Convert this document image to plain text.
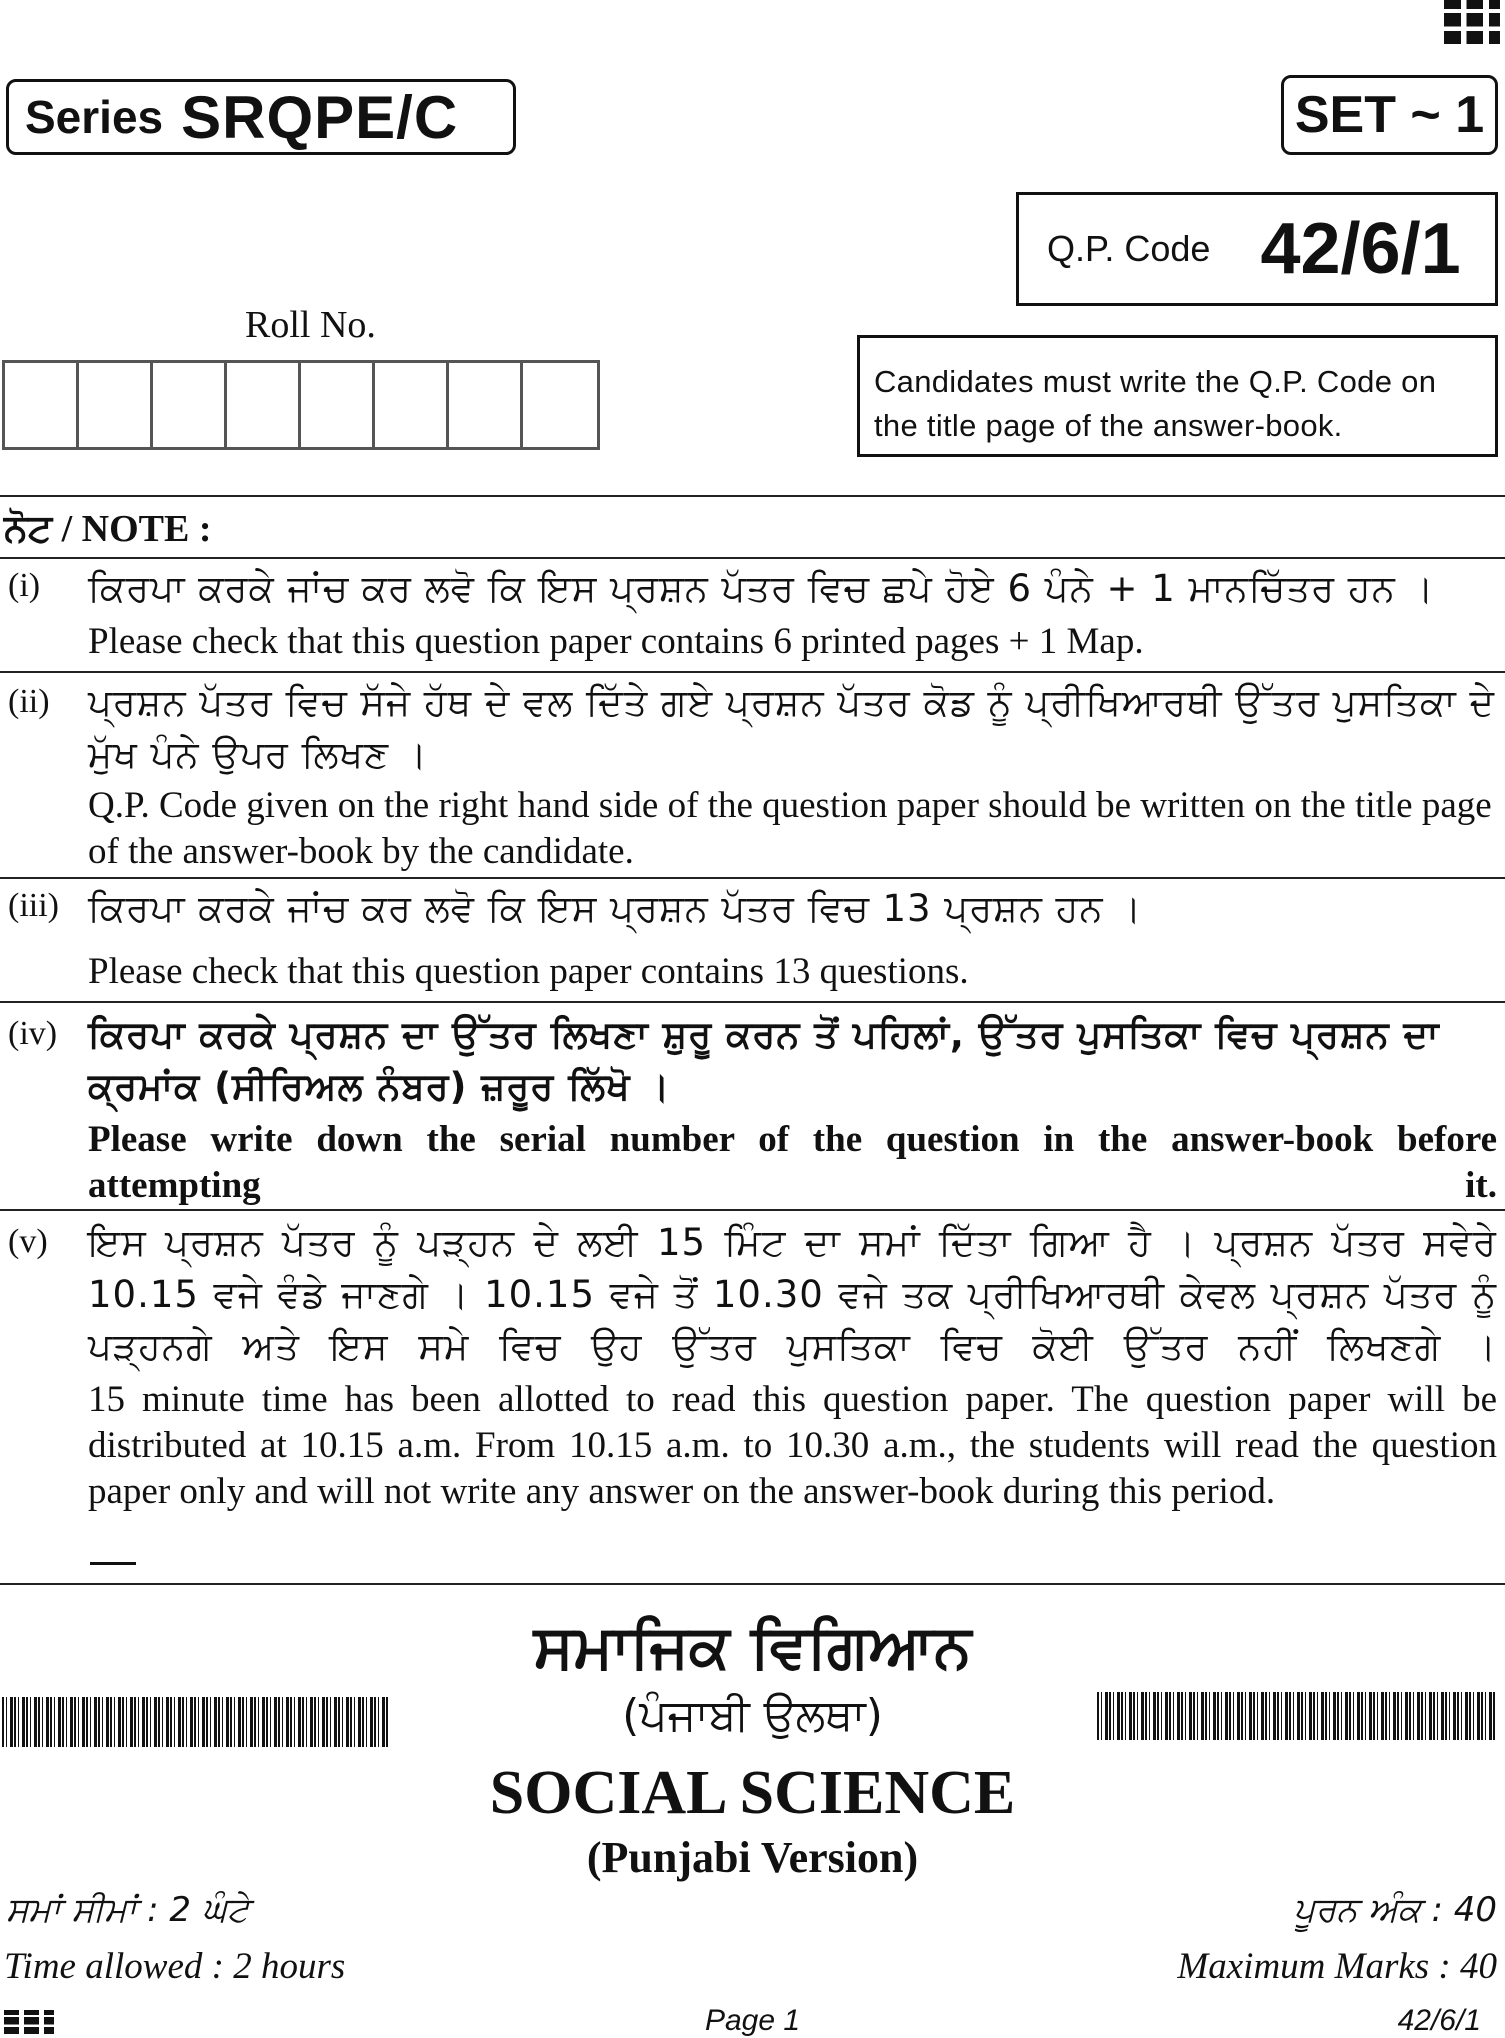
Series SRQPE/C	SET ~ 1
Q.P. Code 42/6/1
Candidates must write the Q.P. Code on the title page of the answer-book.
Roll No.
ਨੋਟ / NOTE :
(i) ਕਿਰਪਾ ਕਰਕੇ ਜਾਂਚ ਕਰ ਲਵੋ ਕਿ ਇਸ ਪ੍ਰਸ਼ਨ ਪੱਤਰ ਵਿਚ ਛਪੇ ਹੋਏ 6 ਪੰਨੇ + 1 ਮਾਨਚਿੱਤਰ ਹਨ ।
Please check that this question paper contains 6 printed pages + 1 Map.
(ii) ਪ੍ਰਸ਼ਨ ਪੱਤਰ ਵਿਚ ਸੱਜੇ ਹੱਥ ਦੇ ਵਲ ਦਿੱਤੇ ਗਏ ਪ੍ਰਸ਼ਨ ਪੱਤਰ ਕੋਡ ਨੂੰ ਪ੍ਰੀਖਿਆਰਥੀ ਉੱਤਰ ਪੁਸਤਿਕਾ ਦੇ ਮੁੱਖ ਪੰਨੇ ਉਪਰ ਲਿਖਣ ।
Q.P. Code given on the right hand side of the question paper should be written on the title page of the answer-book by the candidate.
(iii) ਕਿਰਪਾ ਕਰਕੇ ਜਾਂਚ ਕਰ ਲਵੋ ਕਿ ਇਸ ਪ੍ਰਸ਼ਨ ਪੱਤਰ ਵਿਚ 13 ਪ੍ਰਸ਼ਨ ਹਨ ।
Please check that this question paper contains 13 questions.
(iv) ਕਿਰਪਾ ਕਰਕੇ ਪ੍ਰਸ਼ਨ ਦਾ ਉੱਤਰ ਲਿਖਣਾ ਸ਼ੁਰੂ ਕਰਨ ਤੋਂ ਪਹਿਲਾਂ, ਉੱਤਰ ਪੁਸਤਿਕਾ ਵਿਚ ਪ੍ਰਸ਼ਨ ਦਾ ਕ੍ਰਮਾਂਕ (ਸੀਰਿਅਲ ਨੰਬਰ) ਜ਼ਰੂਰ ਲਿੱਖੋ ।
Please write down the serial number of the question in the answer-book before attempting it.
(v) ਇਸ ਪ੍ਰਸ਼ਨ ਪੱਤਰ ਨੂੰ ਪੜ੍ਹਨ ਦੇ ਲਈ 15 ਮਿੰਟ ਦਾ ਸਮਾਂ ਦਿੱਤਾ ਗਿਆ ਹੈ । ਪ੍ਰਸ਼ਨ ਪੱਤਰ ਸਵੇਰੇ 10.15 ਵਜੇ ਵੰਡੇ ਜਾਣਗੇ । 10.15 ਵਜੇ ਤੋਂ 10.30 ਵਜੇ ਤਕ ਪ੍ਰੀਖਿਆਰਥੀ ਕੇਵਲ ਪ੍ਰਸ਼ਨ ਪੱਤਰ ਨੂੰ ਪੜ੍ਹਨਗੇ ਅਤੇ ਇਸ ਸਮੇ ਵਿਚ ਉਹ ਉੱਤਰ ਪੁਸਤਿਕਾ ਵਿਚ ਕੋਈ ਉੱਤਰ ਨਹੀਂ ਲਿਖਣਗੇ ।
15 minute time has been allotted to read this question paper. The question paper will be distributed at 10.15 a.m. From 10.15 a.m. to 10.30 a.m., the students will read the question paper only and will not write any answer on the answer-book during this period.
ਸਮਾਜਿਕ ਵਿਗਿਆਨ
(ਪੰਜਾਬੀ ਉਲਥਾ)
SOCIAL SCIENCE
(Punjabi Version)
ਸਮਾਂ ਸੀਮਾਂ : 2 ਘੰਟੇ
Time allowed : 2 hours
ਪੂਰਨ ਅੰਕ : 40
Maximum Marks : 40
Page 1	42/6/1
